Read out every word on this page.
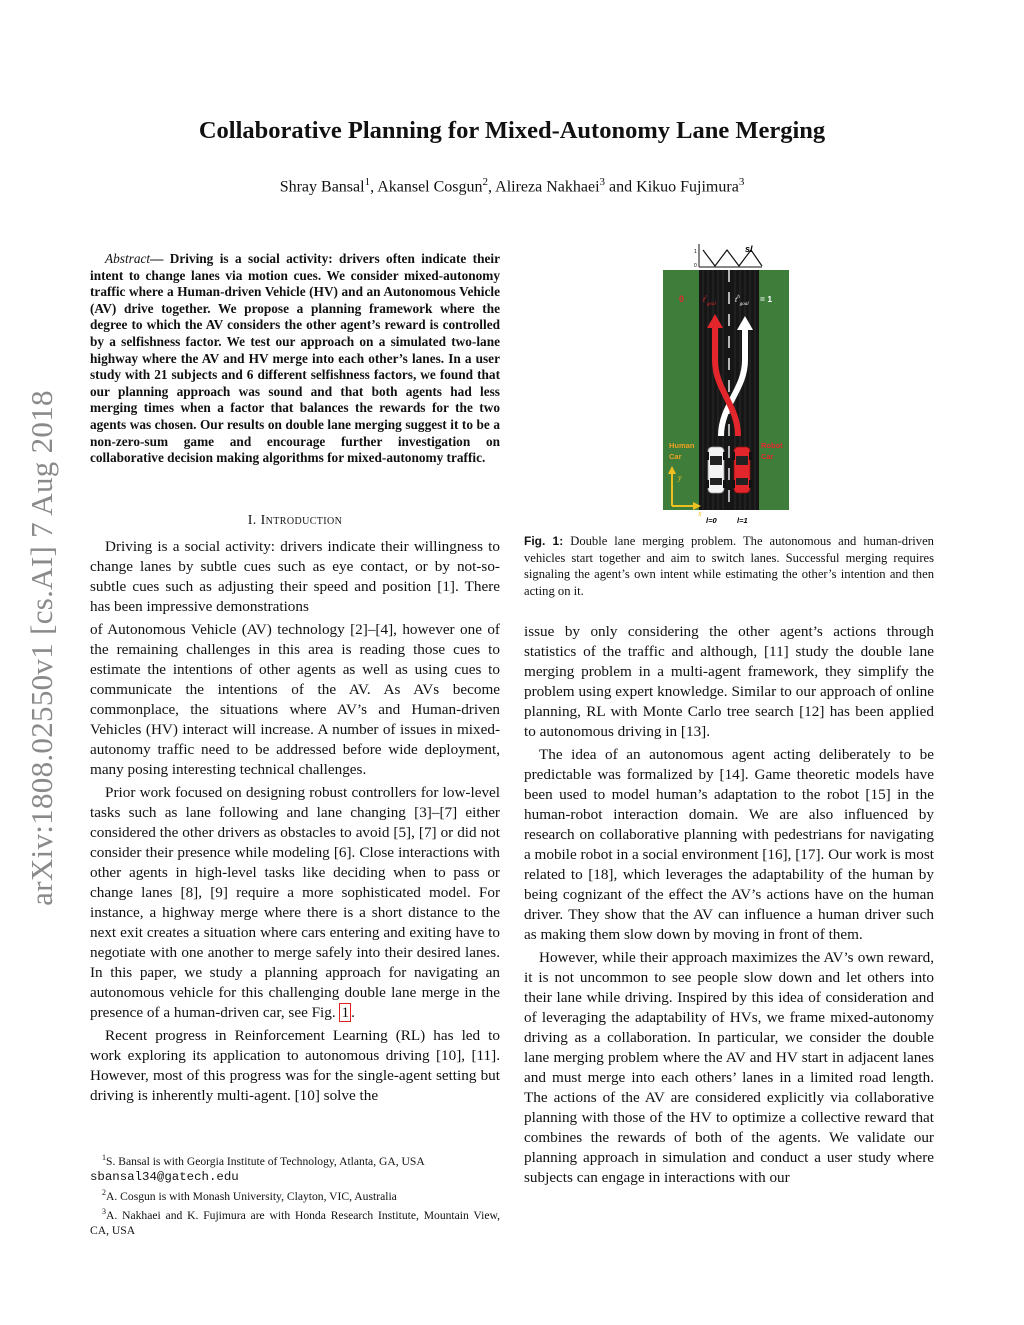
arXiv:1808.02550v1 [cs.AI] 7 Aug 2018
Collaborative Planning for Mixed-Autonomy Lane Merging
Shray Bansal$^1$, Akansel Cosgun$^2$, Alireza Nakhaei$^3$ and Kikuo Fujimura$^3$
Abstract— Driving is a social activity: drivers often indicate their intent to change lanes via motion cues. We consider mixed-autonomy traffic where a Human-driven Vehicle (HV) and an Autonomous Vehicle (AV) drive together. We propose a planning framework where the degree to which the AV considers the other agent’s reward is controlled by a selfishness factor. We test our approach on a simulated two-lane highway where the AV and HV merge into each other’s lanes. In a user study with 21 subjects and 6 different selfishness factors, we found that our planning approach was sound and that both agents had less merging times when a factor that balances the rewards for the two agents was chosen. Our results on double lane merging suggest it to be a non-zero-sum game and encourage further investigation on collaborative decision making algorithms for mixed-autonomy traffic.
I. Introduction

Driving is a social activity: drivers indicate their willingness to change lanes by subtle cues such as eye contact, or by not-so-subtle cues such as adjusting their speed and position [1]. There has been impressive demonstrations

of Autonomous Vehicle (AV) technology [2]–[4], however one of the remaining challenges in this area is reading those cues to estimate the intentions of other agents as well as using cues to communicate the intentions of the AV. As AVs become commonplace, the situations where AV’s and Human-driven Vehicles (HV) interact will increase. A number of issues in mixed-autonomy traffic need to be addressed before wide deployment, many posing interesting technical challenges.

Prior work focused on designing robust controllers for low-level tasks such as lane following and lane changing [3]–[7] either considered the other drivers as obstacles to avoid [5], [7] or did not consider their presence while modeling [6]. Close interactions with other agents in high-level tasks like deciding when to pass or change lanes [8], [9] require a more sophisticated model. For instance, a highway merge where there is a short distance to the next exit creates a situation where cars entering and exiting have to negotiate with one another to merge safely into their desired lanes. In this paper, we study a planning approach for navigating an autonomous vehicle for this challenging double lane merge in the presence of a human-driven car, see Fig. 1 .

Recent progress in Reinforcement Learning (RL) has led to work exploring its application to autonomous driving [10], [11]. However, most of this progress was for the single-agent setting but driving is inherently multi-agent. [10] solve the

$^1$S. Bansal is with Georgia Institute of Technology, Atlanta, GA, USA
sbansal34@gatech.edu

$^2$A. Cosgun is with Monash University, Clayton, VIC, Australia

$^3$A. Nakhaei and K. Fujimura are with Honda Research Institute, Mountain View, CA, USA

1
0
sl
0 $t^r_{goal}$
$t^h_{goal}$
= 1
Human
Car
Robot
Car
y
x
l=0	l=1
Fig. 1: Double lane merging problem. The autonomous and human-driven vehicles start together and aim to switch lanes. Successful merging requires signaling the agent’s own intent while estimating the other’s intention and then acting on it.

issue by only considering the other agent’s actions through statistics of the traffic and although, [11] study the double lane merging problem in a multi-agent framework, they simplify the problem using expert knowledge. Similar to our approach of online planning, RL with Monte Carlo tree search [12] has been applied to autonomous driving in [13].

The idea of an autonomous agent acting deliberately to be predictable was formalized by [14]. Game theoretic models have been used to model human’s adaptation to the robot [15] in the human-robot interaction domain. We are also influenced by research on collaborative planning with pedestrians for navigating a mobile robot in a social environment [16], [17]. Our work is most related to [18], which leverages the adaptability of the human by being cognizant of the effect the AV’s actions have on the human driver. They show that the AV can influence a human driver such as making them slow down by moving in front of them.

However, while their approach maximizes the AV’s own reward, it is not uncommon to see people slow down and let others into their lane while driving. Inspired by this idea of consideration and of leveraging the adaptability of HVs, we frame mixed-autonomy driving as a collaboration. In particular, we consider the double lane merging problem where the AV and HV start in adjacent lanes and must merge into each others’ lanes in a limited road length. The actions of the AV are considered explicitly via collaborative planning with those of the HV to optimize a collective reward that combines the rewards of both of the agents. We validate our planning approach in simulation and conduct a user study where subjects can engage in interactions with our
